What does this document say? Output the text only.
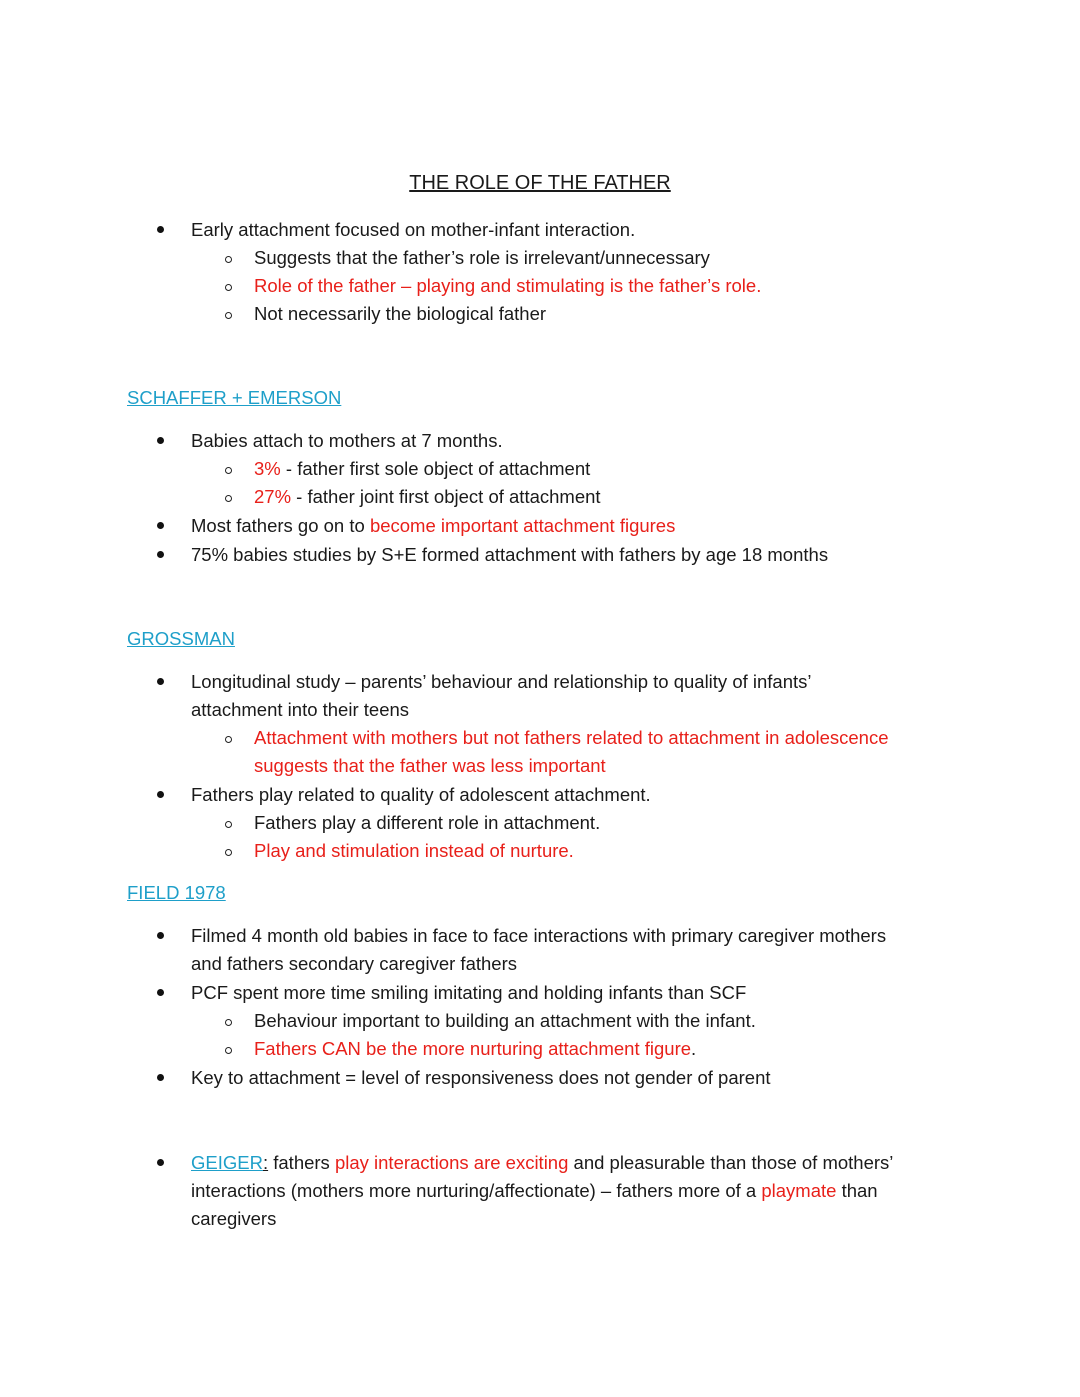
THE ROLE OF THE FATHER
Early attachment focused on mother-infant interaction.
Suggests that the father’s role is irrelevant/unnecessary
Role of the father – playing and stimulating is the father’s role.
Not necessarily the biological father
SCHAFFER + EMERSON
Babies attach to mothers at 7 months.
3% - father first sole object of attachment
27% - father joint first object of attachment
Most fathers go on to become important attachment figures
75% babies studies by S+E formed attachment with fathers by age 18 months
GROSSMAN
Longitudinal study – parents’ behaviour and relationship to quality of infants’
attachment into their teens
Attachment with mothers but not fathers related to attachment in adolescence
suggests that the father was less important
Fathers play related to quality of adolescent attachment.
Fathers play a different role in attachment.
Play and stimulation instead of nurture.
FIELD 1978
Filmed 4 month old babies in face to face interactions with primary caregiver mothers
and fathers secondary caregiver fathers
PCF spent more time smiling imitating and holding infants than SCF
Behaviour important to building an attachment with the infant.
Fathers CAN be the more nurturing attachment figure.
Key to attachment = level of responsiveness does not gender of parent
GEIGER: fathers play interactions are exciting and pleasurable than those of mothers’
interactions (mothers more nurturing/affectionate) – fathers more of a playmate than
caregivers
